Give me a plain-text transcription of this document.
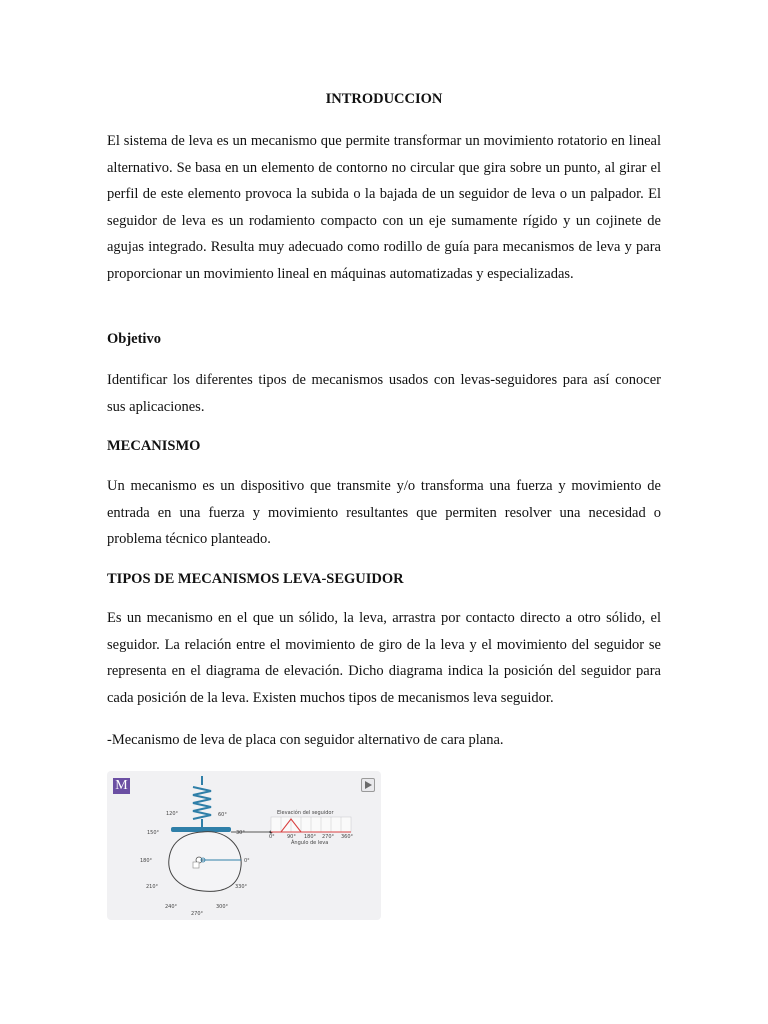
INTRODUCCION

El sistema de leva es un mecanismo que permite transformar un movimiento rotatorio en lineal alternativo. Se basa en un elemento de contorno no circular que gira sobre un punto, al girar el perfil de este elemento provoca la subida o la bajada de un seguidor de leva o un palpador. El seguidor de leva es un rodamiento compacto con un eje sumamente rígido y un cojinete de agujas integrado. Resulta muy adecuado como rodillo de guía para mecanismos de leva y para proporcionar un movimiento lineal en máquinas automatizadas y especializadas.

Objetivo

Identificar los diferentes tipos de mecanismos usados con levas-seguidores para así conocer sus aplicaciones.

MECANISMO

Un mecanismo es un dispositivo que transmite y/o transforma una fuerza y movimiento de entrada en una fuerza y movimiento resultantes que permiten resolver una necesidad o problema técnico planteado.

TIPOS DE MECANISMOS LEVA-SEGUIDOR

Es un mecanismo en el que un sólido, la leva, arrastra por contacto directo a otro sólido, el seguidor. La relación entre el movimiento de giro de la leva y el movimiento del seguidor se representa en el diagrama de elevación. Dicho diagrama indica la posición del seguidor para cada posición de la leva. Existen muchos tipos de mecanismos leva seguidor.

-Mecanismo de leva de placa con seguidor alternativo de cara plana.

120°	60°
150°	30°
180°	0°
210°	330°
240°	300°
270°
Elevación del seguidor
0° 90° 180° 270° 360°
Ángulo de leva
M
